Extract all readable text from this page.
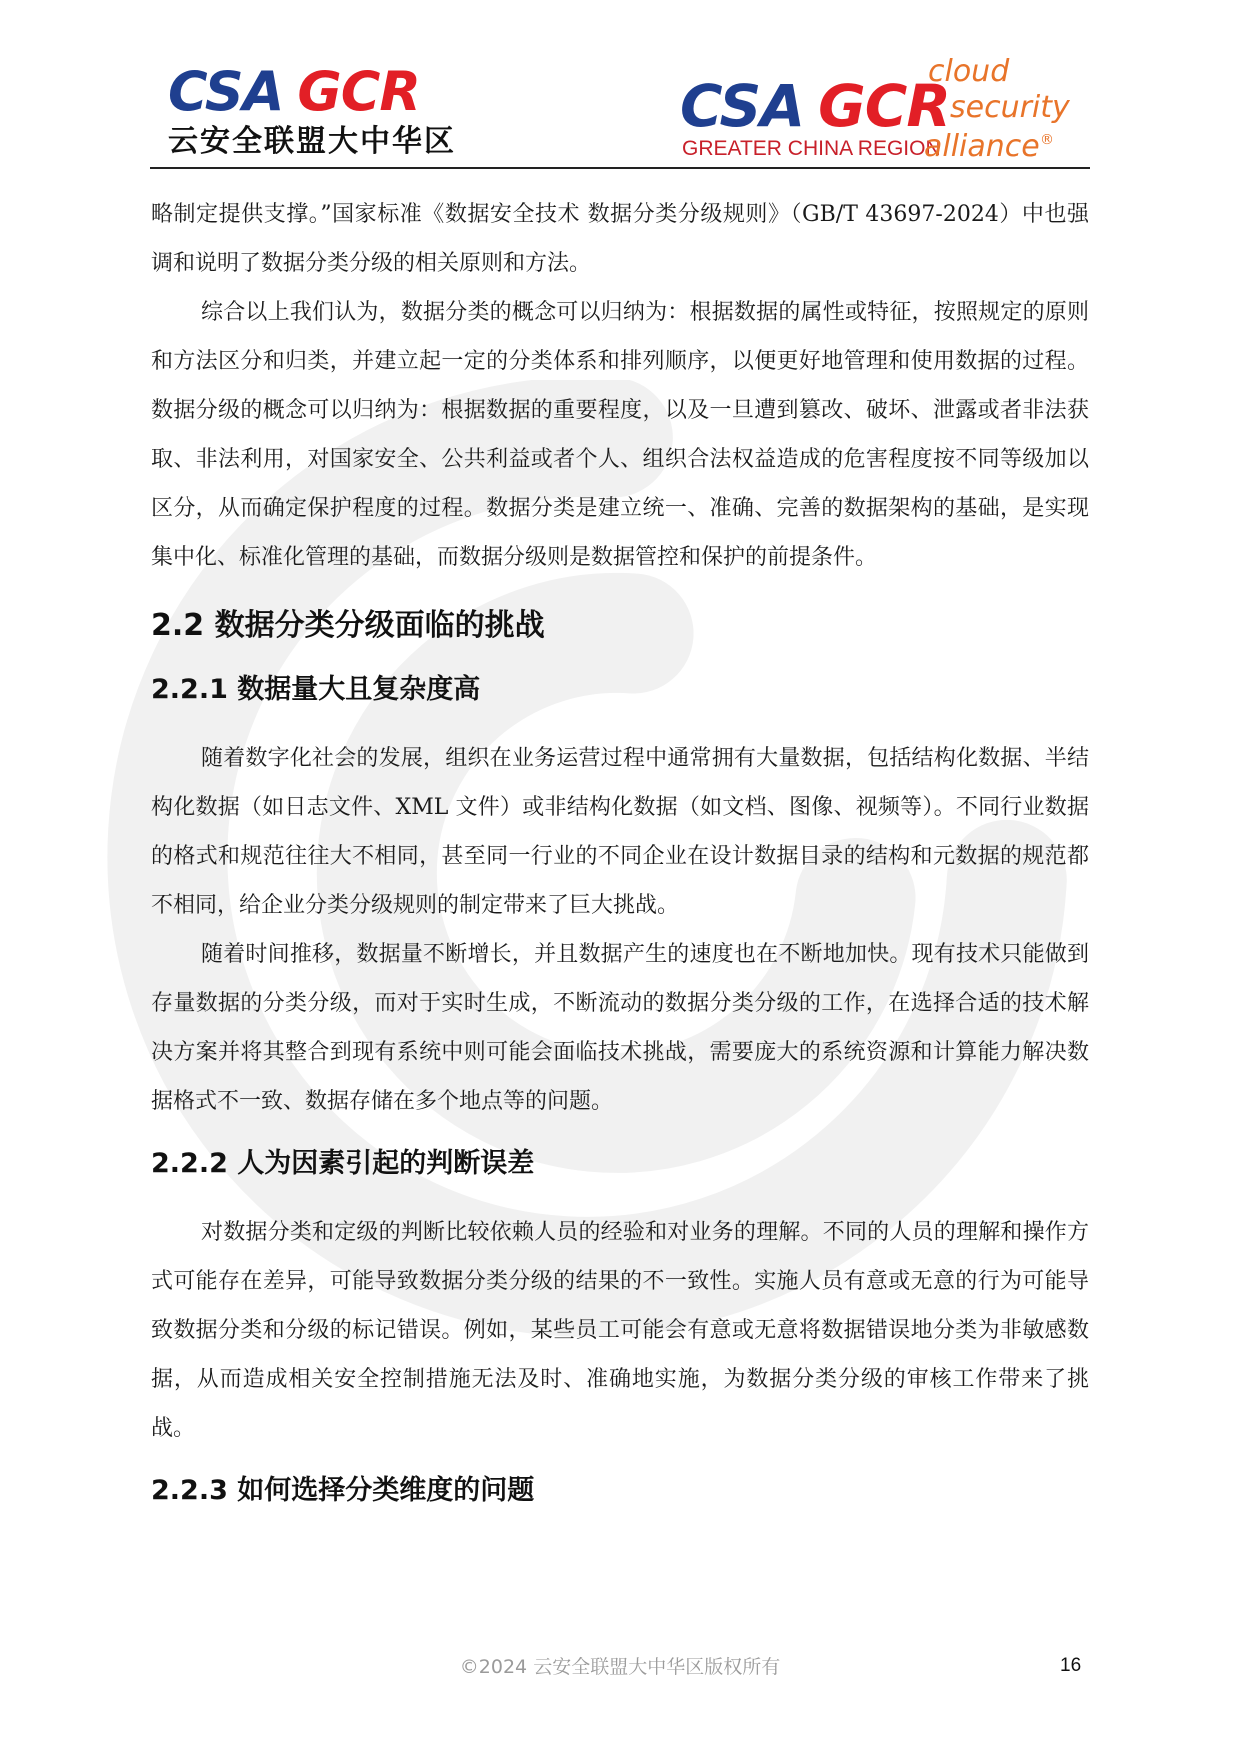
CSA GCR
云安全联盟大中华区
CSA GCR
cloud
security
GREATER CHINA REGION
alliance ®

略制定提供支撑。”国家标准《数据安全技术 数据分类分级规则》（GB/T 43697-2024）中也强调和说明了数据分类分级的相关原则和方法。

综合以上我们认为，数据分类的概念可以归纳为：根据数据的属性或特征，按照规定的原则和方法区分和归类，并建立起一定的分类体系和排列顺序，以便更好地管理和使用数据的过程。数据分级的概念可以归纳为：根据数据的重要程度，以及一旦遭到篡改、破坏、泄露或者非法获取、非法利用，对国家安全、公共利益或者个人、组织合法权益造成的危害程度按不同等级加以区分，从而确定保护程度的过程。数据分类是建立统一、准确、完善的数据架构的基础，是实现集中化、标准化管理的基础，而数据分级则是数据管控和保护的前提条件。

2.2 数据分类分级面临的挑战
2.2.1 数据量大且复杂度高

随着数字化社会的发展，组织在业务运营过程中通常拥有大量数据，包括结构化数据、半结构化数据（如日志文件、XML 文件）或非结构化数据（如文档、图像、视频等）。不同行业数据的格式和规范往往大不相同，甚至同一行业的不同企业在设计数据目录的结构和元数据的规范都不相同，给企业分类分级规则的制定带来了巨大挑战。

随着时间推移，数据量不断增长，并且数据产生的速度也在不断地加快。现有技术只能做到存量数据的分类分级，而对于实时生成，不断流动的数据分类分级的工作，在选择合适的技术解决方案并将其整合到现有系统中则可能会面临技术挑战，需要庞大的系统资源和计算能力解决数据格式不一致、数据存储在多个地点等的问题。

2.2.2 人为因素引起的判断误差

对数据分类和定级的判断比较依赖人员的经验和对业务的理解。不同的人员的理解和操作方式可能存在差异，可能导致数据分类分级的结果的不一致性。实施人员有意或无意的行为可能导致数据分类和分级的标记错误。例如，某些员工可能会有意或无意将数据错误地分类为非敏感数据，从而造成相关安全控制措施无法及时、准确地实施，为数据分类分级的审核工作带来了挑战。

2.2.3 如何选择分类维度的问题
©2024 云安全联盟大中华区版权所有	16
